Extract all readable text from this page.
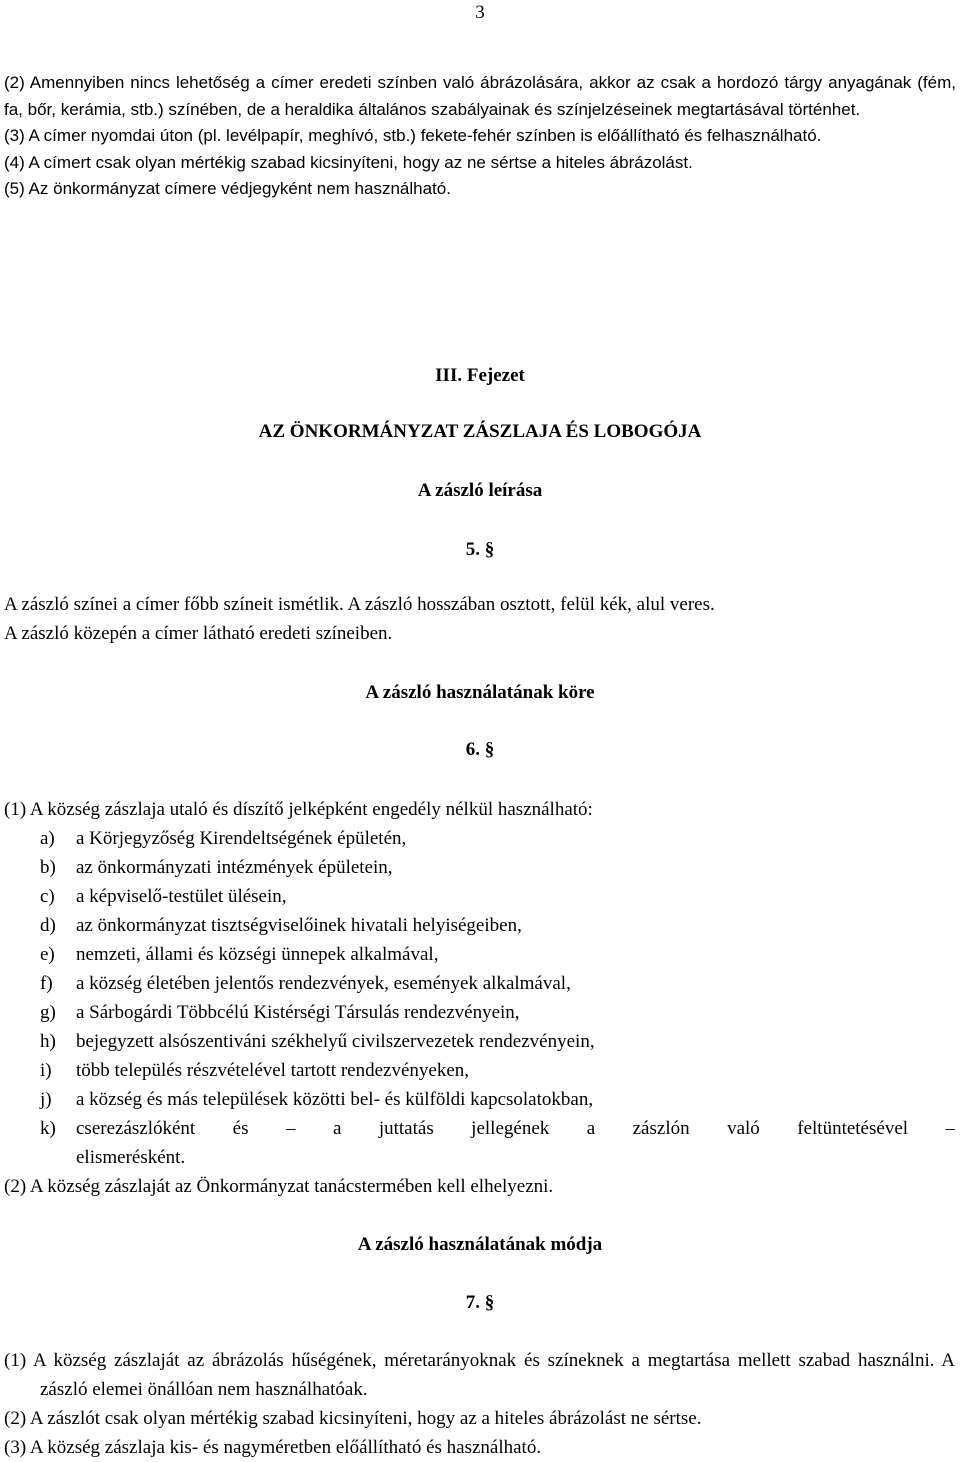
3
(2) Amennyiben nincs lehetőség a címer eredeti színben való ábrázolására, akkor az csak a hordozó tárgy anyagának (fém, fa, bőr, kerámia, stb.) színében, de a heraldika általános szabályainak és színjelzéseinek megtartásával történhet.
(3) A címer nyomdai úton (pl. levélpapír, meghívó, stb.) fekete-fehér színben is előállítható és felhasználható.
(4) A címert csak olyan mértékig szabad kicsinyíteni, hogy az ne sértse a hiteles ábrázolást.
(5) Az önkormányzat címere védjegyként nem használható.
III. Fejezet
AZ ÖNKORMÁNYZAT ZÁSZLAJA ÉS LOBOGÓJA
A zászló leírása
5. §
A zászló színei a címer főbb színeit ismétlik. A zászló hosszában osztott, felül kék, alul veres.
A zászló közepén a címer látható eredeti színeiben.
A zászló használatának köre
6. §
(1) A község zászlaja utaló és díszítő jelképként engedély nélkül használható:
a)	a Körjegyzőség Kirendeltségének épületén,
b)	az önkormányzati intézmények épületein,
c)	a képviselő-testület ülésein,
d)	az önkormányzat tisztségviselőinek hivatali helyiségeiben,
e)	nemzeti, állami és községi ünnepek alkalmával,
f)	a község életében jelentős rendezvények, események alkalmával,
g)	a Sárbogárdi Többcélú Kistérségi Társulás rendezvényein,
h)	bejegyzett alsószentiváni székhelyű civilszervezetek rendezvényein,
i)	több település részvételével tartott rendezvényeken,
j)	a község és más települések közötti bel- és külföldi kapcsolatokban,
k)	cserezászlóként és – a juttatás jellegének a zászlón való feltüntetésével –
elismerésként.
(2) A község zászlaját az Önkormányzat tanácstermében kell elhelyezni.
A zászló használatának módja
7. §
(1) A község zászlaját az ábrázolás hűségének, méretarányoknak és színeknek a megtartása mellett szabad használni. A zászló elemei önállóan nem használhatóak.
(2) A zászlót csak olyan mértékig szabad kicsinyíteni, hogy az a hiteles ábrázolást ne sértse.
(3) A község zászlaja kis- és nagyméretben előállítható és használható.
